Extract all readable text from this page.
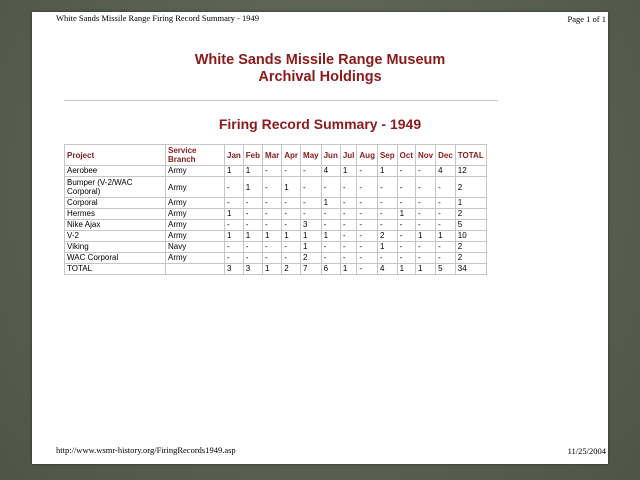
White Sands Missile Range Firing Record Summary - 1949	Page 1 of 1
White Sands Missile Range Museum
Archival Holdings
Firing Record Summary - 1949
Project	Service Branch	Jan	Feb	Mar	Apr	May	Jun	Jul	Aug	Sep	Oct	Nov	Dec	TOTAL
Aerobee	Army	1	1	-	-	-	4	1	-	1	-	-	4	12
Bumper (V-2/WAC Corporal)	Army	-	1	-	1	-	-	-	-	-	-	-	-	2
Corporal	Army	-	-	-	-	-	1	-	-	-	-	-	-	1
Hermes	Army	1	-	-	-	-	-	-	-	-	1	-	-	2
Nike Ajax	Army	-	-	-	-	3	-	-	-	-	-	-	-	5
V-2	Army	1	1	1	1	1	1	-	-	2	-	1	1	10
Viking	Navy	-	-	-	-	1	-	-	-	1	-	-	-	2
WAC Corporal	Army	-	-	-	-	2	-	-	-	-	-	-	-	2
TOTAL		3	3	1	2	7	6	1	-	4	1	1	5	34
http://www.wsmr-history.org/FiringRecords1949.asp	11/25/2004
